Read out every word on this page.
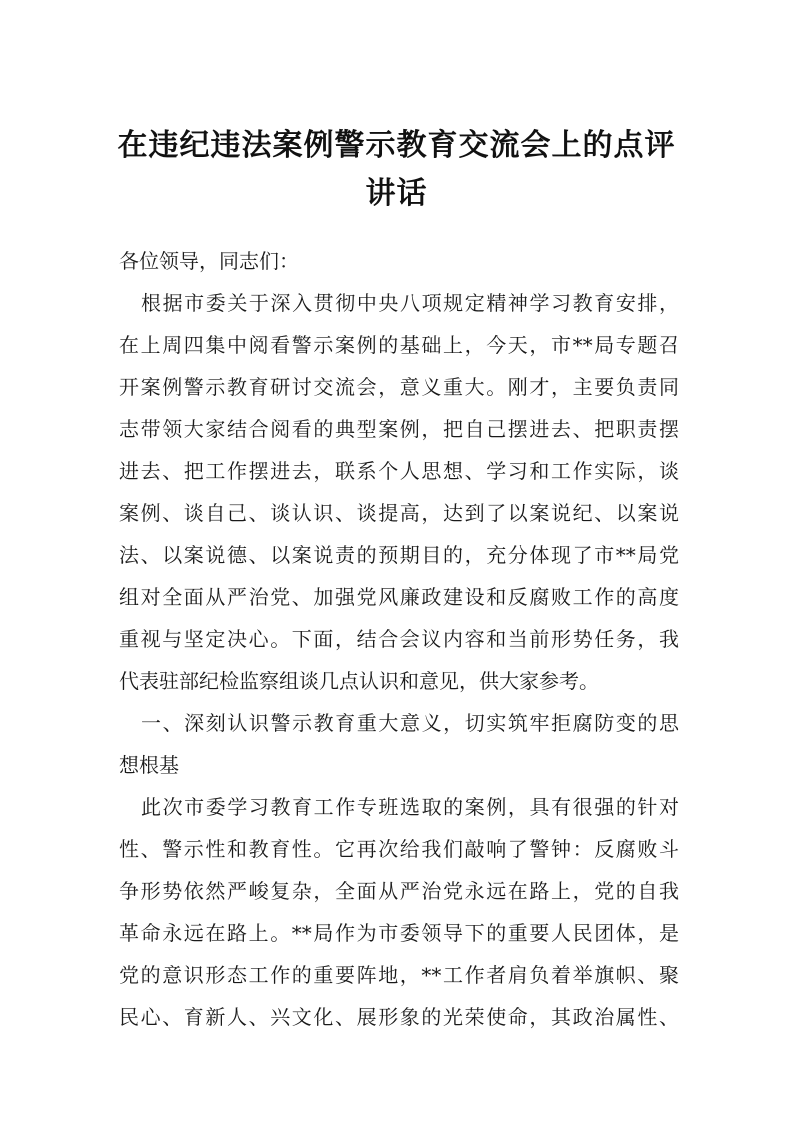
在违纪违法案例警示教育交流会上的点评
讲话
各位领导，同志们：
根据市委关于深入贯彻中央八项规定精神学习教育安排，
在上周四集中阅看警示案例的基础上，今天，市**局专题召
开案例警示教育研讨交流会，意义重大。刚才，主要负责同
志带领大家结合阅看的典型案例，把自己摆进去、把职责摆
进去、把工作摆进去，联系个人思想、学习和工作实际，谈
案例、谈自己、谈认识、谈提高，达到了以案说纪、以案说
法、以案说德、以案说责的预期目的，充分体现了市**局党
组对全面从严治党、加强党风廉政建设和反腐败工作的高度
重视与坚定决心。下面，结合会议内容和当前形势任务，我
代表驻部纪检监察组谈几点认识和意见，供大家参考。
一、深刻认识警示教育重大意义，切实筑牢拒腐防变的思
想根基
此次市委学习教育工作专班选取的案例，具有很强的针对
性、警示性和教育性。它再次给我们敲响了警钟：反腐败斗
争形势依然严峻复杂，全面从严治党永远在路上，党的自我
革命永远在路上。**局作为市委领导下的重要人民团体，是
党的意识形态工作的重要阵地，**工作者肩负着举旗帜、聚
民心、育新人、兴文化、展形象的光荣使命，其政治属性、
